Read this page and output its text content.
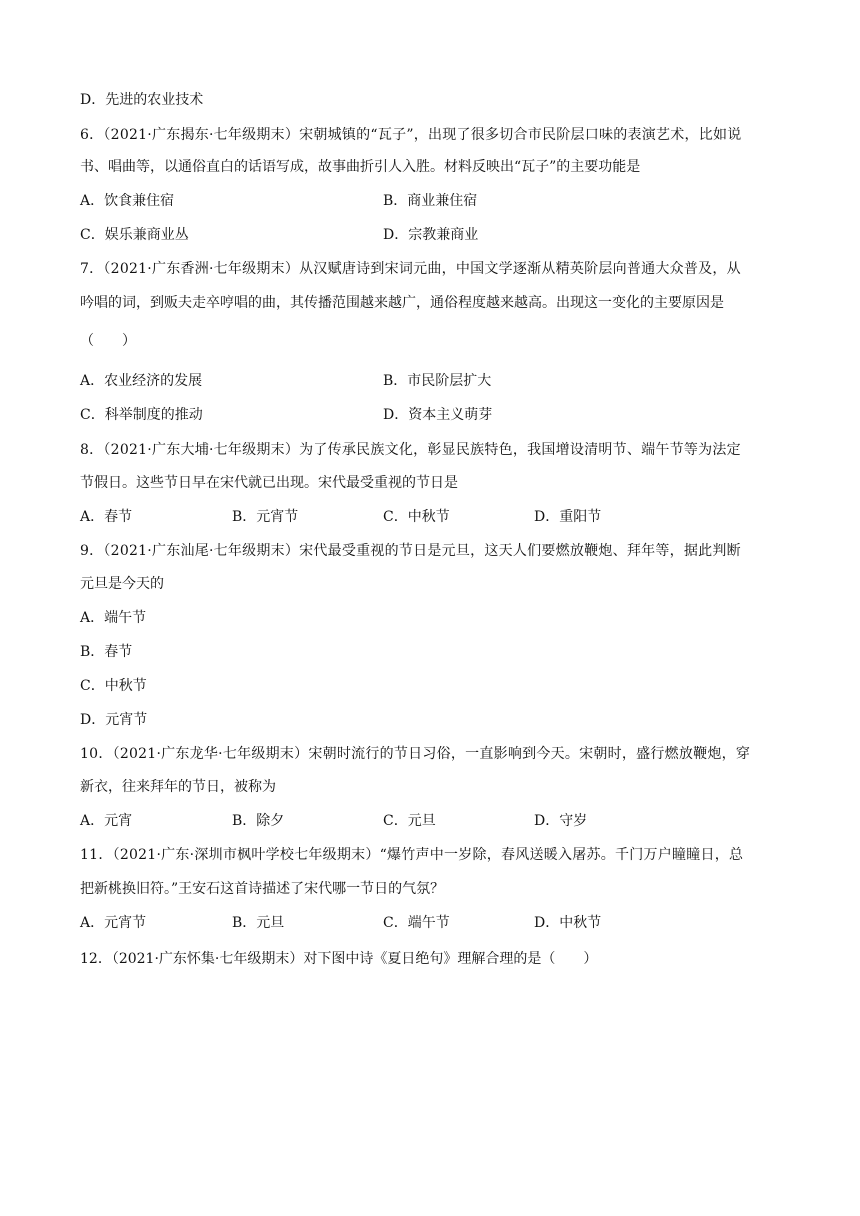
D．先进的农业技术
6．（2021·广东揭东·七年级期末）宋朝城镇的“瓦子”，出现了很多切合市民阶层口味的表演艺术，比如说
书、唱曲等，以通俗直白的话语写成，故事曲折引人入胜。材料反映出“瓦子”的主要功能是
A．饮食兼住宿	B．商业兼住宿
C．娱乐兼商业丛	D．宗教兼商业
7．（2021·广东香洲·七年级期末）从汉赋唐诗到宋词元曲，中国文学逐渐从精英阶层向普通大众普及，从
吟唱的词，到贩夫走卒哼唱的曲，其传播范围越来越广，通俗程度越来越高。出现这一变化的主要原因是
（　　）
A．农业经济的发展	B．市民阶层扩大
C．科举制度的推动	D．资本主义萌芽
8．（2021·广东大埔·七年级期末）为了传承民族文化，彰显民族特色，我国增设清明节、端午节等为法定
节假日。这些节日早在宋代就已出现。宋代最受重视的节日是
A．春节	B．元宵节	C．中秋节	D．重阳节
9．（2021·广东汕尾·七年级期末）宋代最受重视的节日是元旦，这天人们要燃放鞭炮、拜年等，据此判断
元旦是今天的
A．端午节
B．春节
C．中秋节
D．元宵节
10．（2021·广东龙华·七年级期末）宋朝时流行的节日习俗，一直影响到今天。宋朝时，盛行燃放鞭炮，穿
新衣，往来拜年的节日，被称为
A．元宵	B．除夕	C．元旦	D．守岁
11．（2021·广东·深圳市枫叶学校七年级期末）“爆竹声中一岁除，春风送暖入屠苏。千门万户瞳瞳日，总
把新桃换旧符。”王安石这首诗描述了宋代哪一节日的气氛？
A．元宵节	B．元旦	C．端午节	D．中秋节
12．（2021·广东怀集·七年级期末）对下图中诗《夏日绝句》理解合理的是（　　）
